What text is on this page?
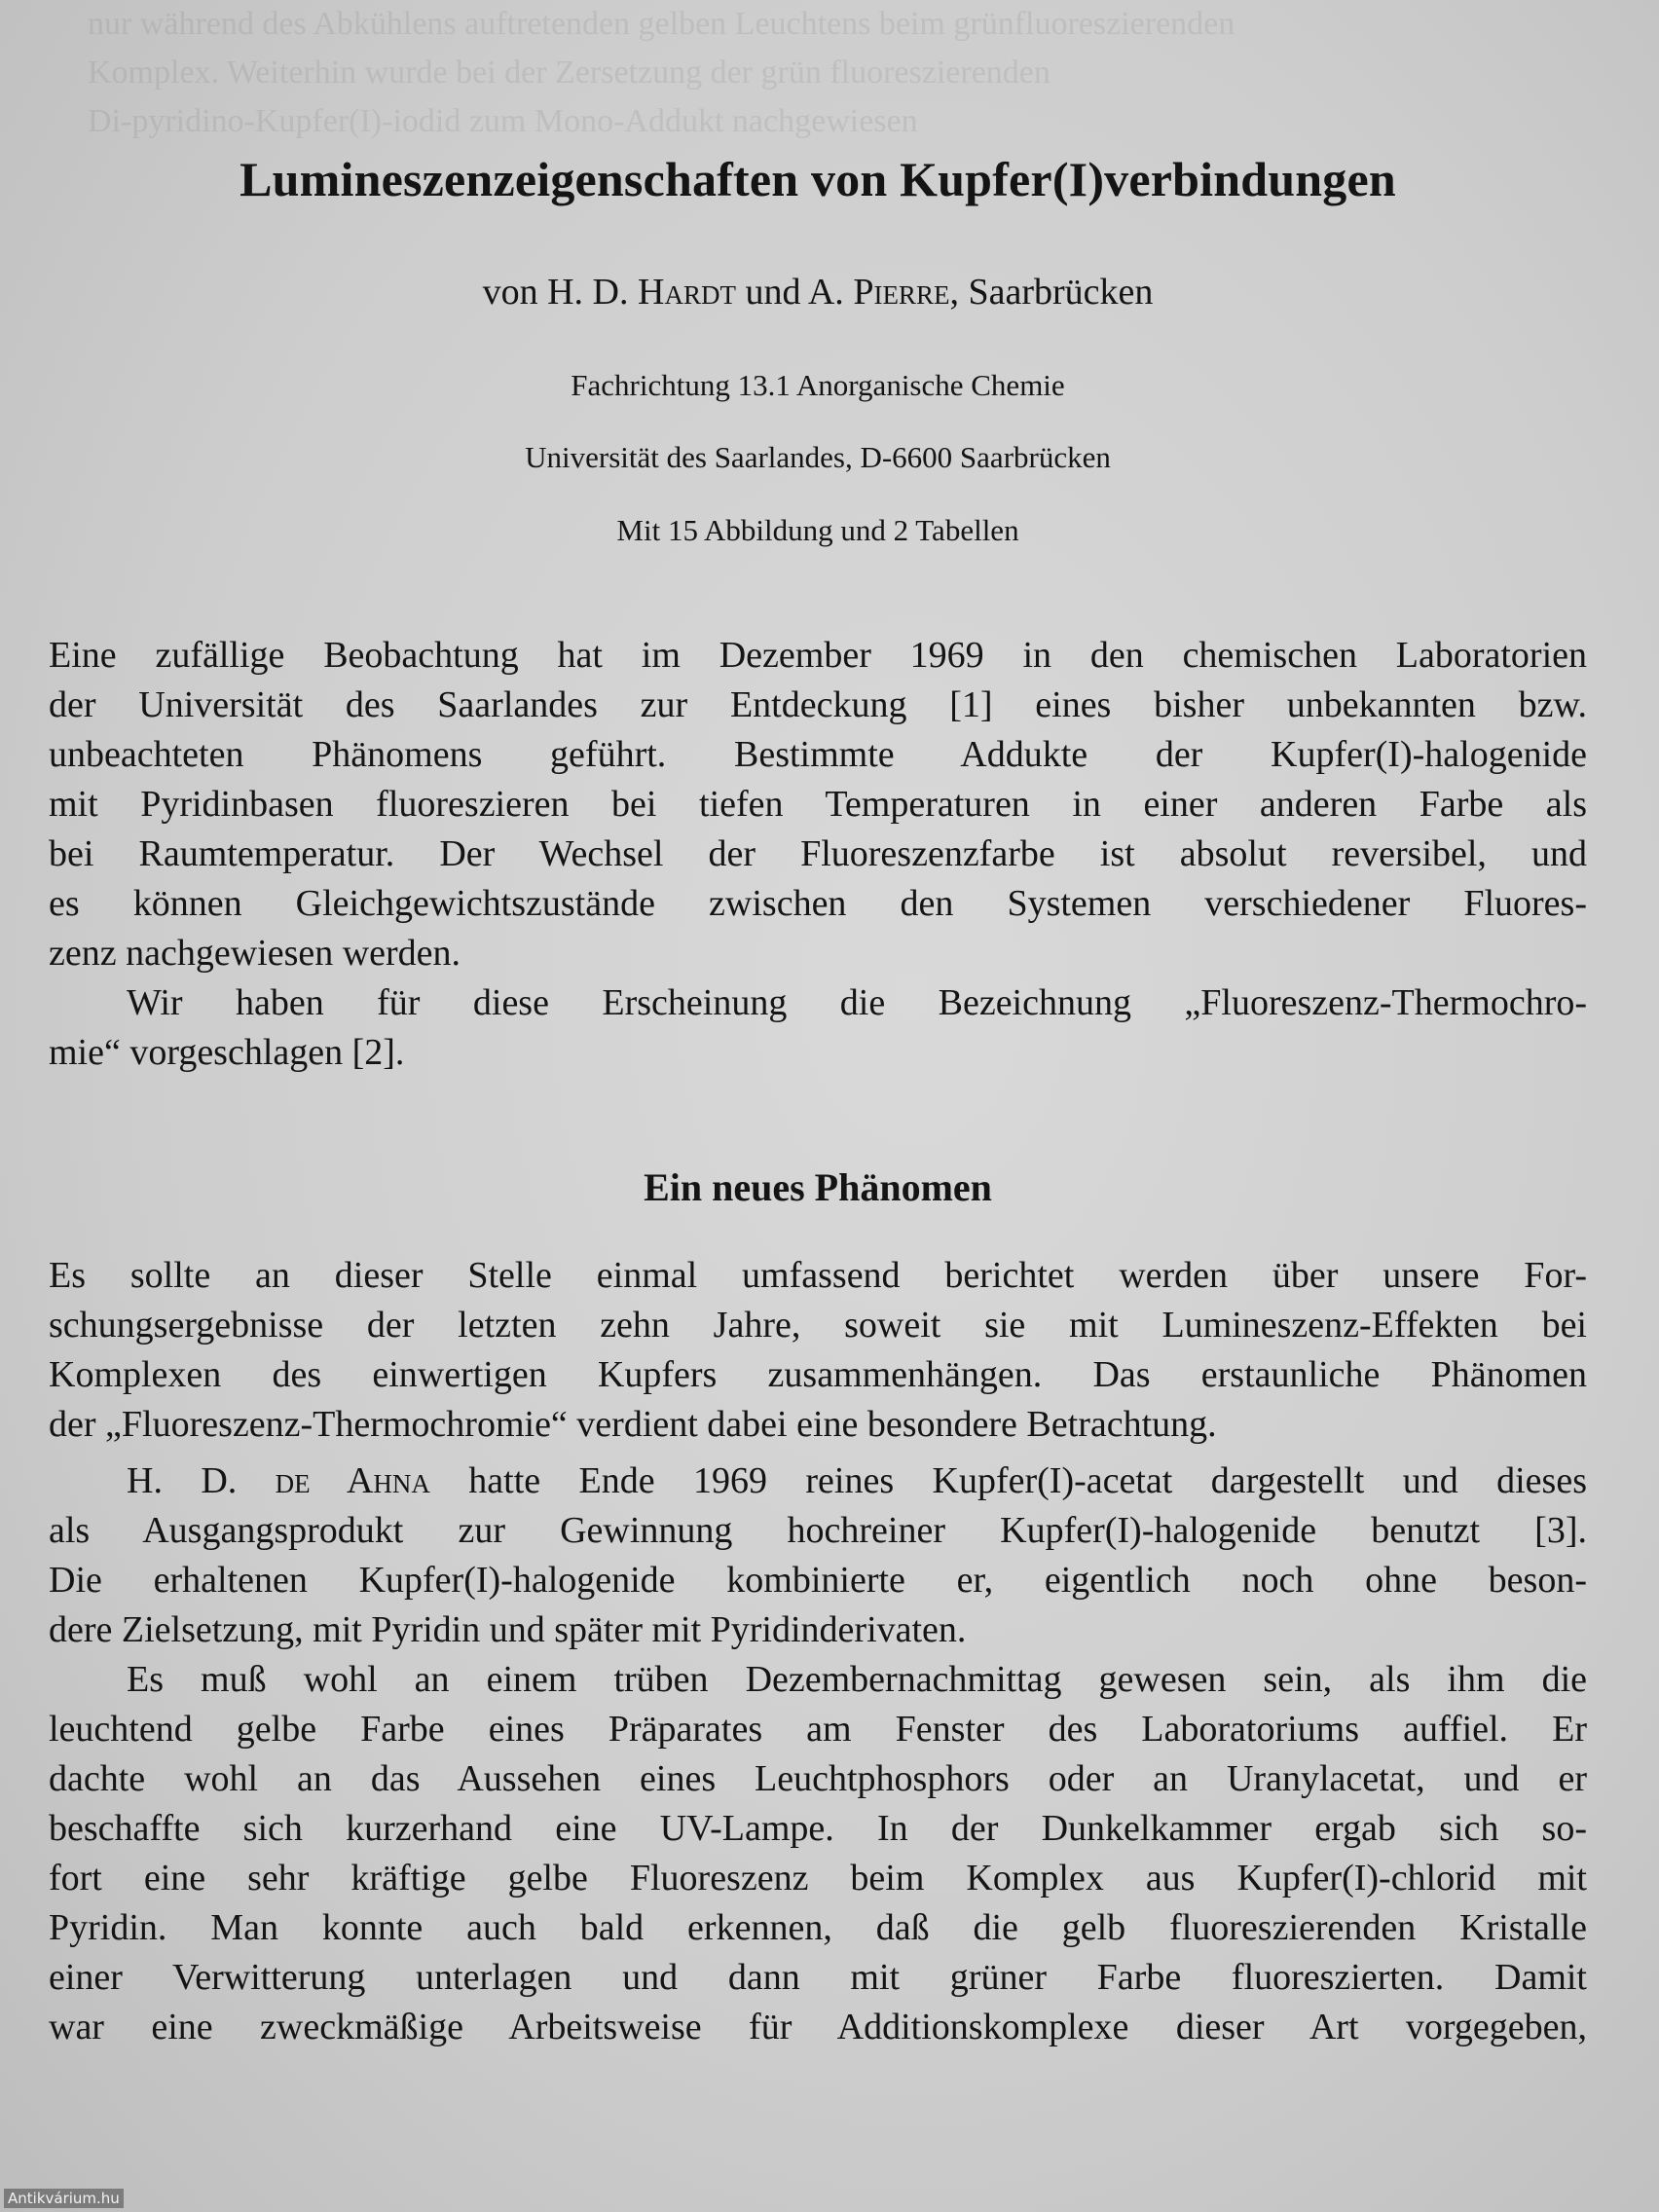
nur während des Abkühlens auftretenden gelben Leuchtens beim grünfluoreszierenden
Komplex. Weiterhin wurde bei der Zersetzung der grün fluoreszierenden
Di-pyridino-Kupfer(I)-iodid zum Mono-Addukt nachgewiesen
Lumineszenzeigenschaften von Kupfer(I)verbindungen
von H. D. Hardt und A. Pierre, Saarbrücken
Fachrichtung 13.1 Anorganische Chemie
Universität des Saarlandes, D-6600 Saarbrücken
Mit 15 Abbildung und 2 Tabellen
Eine zufällige Beobachtung hat im Dezember 1969 in den chemischen Laboratorien
der Universität des Saarlandes zur Entdeckung [1] eines bisher unbekannten bzw.
unbeachteten Phänomens geführt. Bestimmte Addukte der Kupfer(I)-halogenide
mit Pyridinbasen fluoreszieren bei tiefen Temperaturen in einer anderen Farbe als
bei Raumtemperatur. Der Wechsel der Fluoreszenzfarbe ist absolut reversibel, und
es können Gleichgewichtszustände zwischen den Systemen verschiedener Fluores-
zenz nachgewiesen werden.
Wir haben für diese Erscheinung die Bezeichnung „Fluoreszenz-Thermochro-
mie“ vorgeschlagen [2].
Ein neues Phänomen
Es sollte an dieser Stelle einmal umfassend berichtet werden über unsere For-
schungsergebnisse der letzten zehn Jahre, soweit sie mit Lumineszenz-Effekten bei
Komplexen des einwertigen Kupfers zusammenhängen. Das erstaunliche Phänomen
der „Fluoreszenz-Thermochromie“ verdient dabei eine besondere Betrachtung.
H. D. de Ahna hatte Ende 1969 reines Kupfer(I)-acetat dargestellt und dieses
als Ausgangsprodukt zur Gewinnung hochreiner Kupfer(I)-halogenide benutzt [3].
Die erhaltenen Kupfer(I)-halogenide kombinierte er, eigentlich noch ohne beson-
dere Zielsetzung, mit Pyridin und später mit Pyridinderivaten.
Es muß wohl an einem trüben Dezembernachmittag gewesen sein, als ihm die
leuchtend gelbe Farbe eines Präparates am Fenster des Laboratoriums auffiel. Er
dachte wohl an das Aussehen eines Leuchtphosphors oder an Uranylacetat, und er
beschaffte sich kurzerhand eine UV-Lampe. In der Dunkelkammer ergab sich so-
fort eine sehr kräftige gelbe Fluoreszenz beim Komplex aus Kupfer(I)-chlorid mit
Pyridin. Man konnte auch bald erkennen, daß die gelb fluoreszierenden Kristalle
einer Verwitterung unterlagen und dann mit grüner Farbe fluoreszierten. Damit
war eine zweckmäßige Arbeitsweise für Additionskomplexe dieser Art vorgegeben,
Antikvárium.hu
